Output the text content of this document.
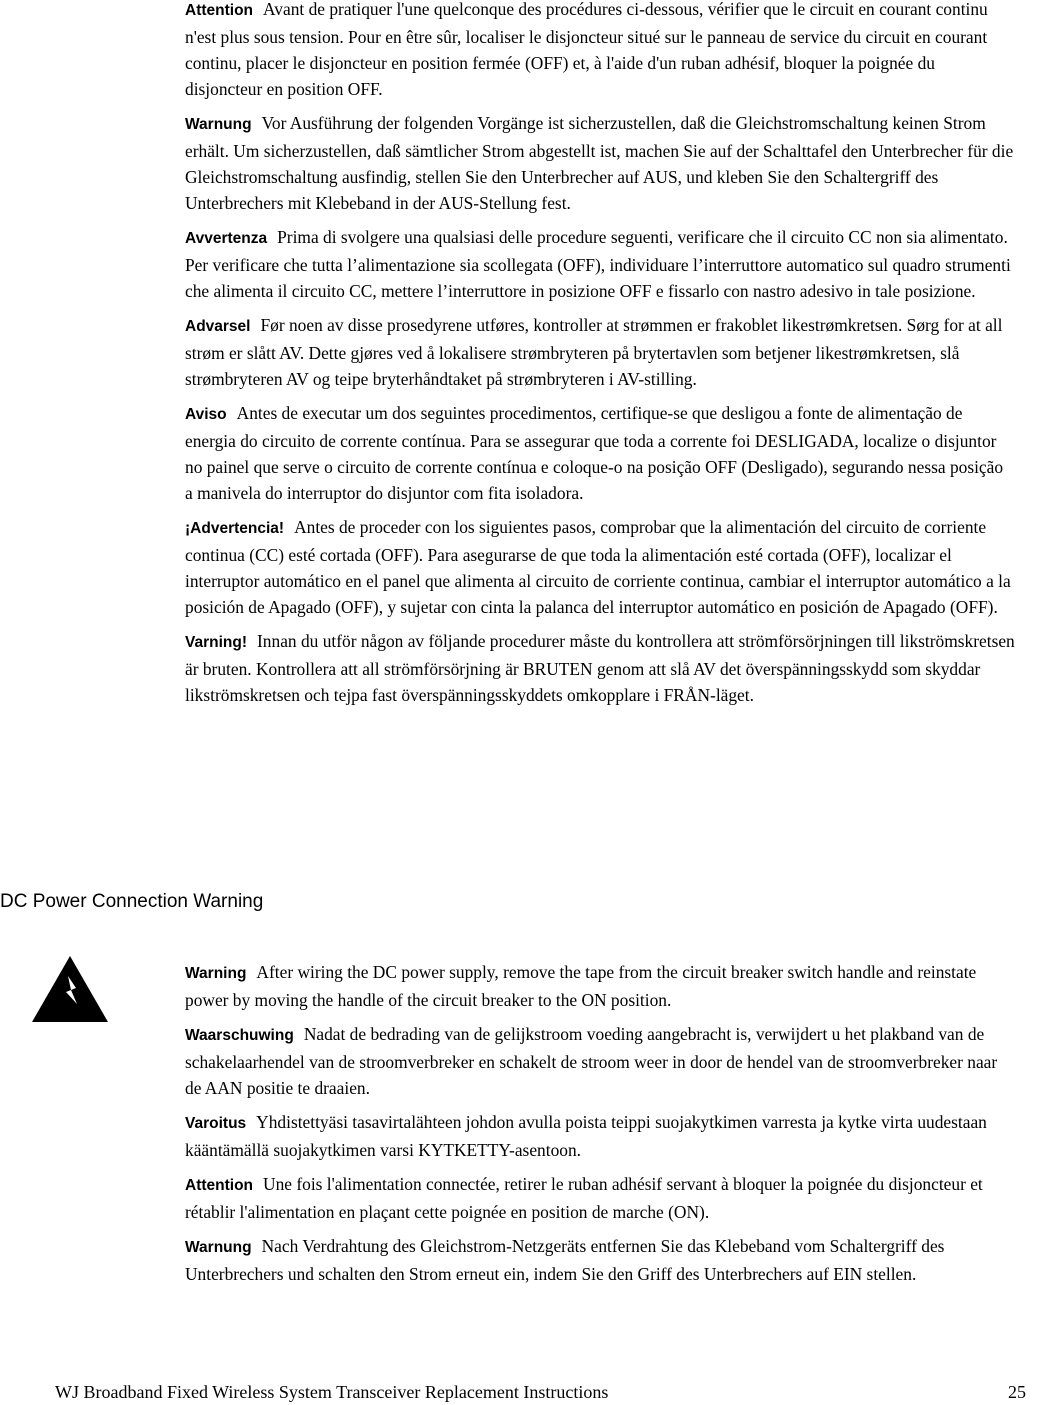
Attention Avant de pratiquer l'une quelconque des procédures ci-dessous, vérifier que le circuit en courant continu n'est plus sous tension. Pour en être sûr, localiser le disjoncteur situé sur le panneau de service du circuit en courant continu, placer le disjoncteur en position fermée (OFF) et, à l'aide d'un ruban adhésif, bloquer la poignée du disjoncteur en position OFF.

Warnung Vor Ausführung der folgenden Vorgänge ist sicherzustellen, daß die Gleichstromschaltung keinen Strom erhält. Um sicherzustellen, daß sämtlicher Strom abgestellt ist, machen Sie auf der Schalttafel den Unterbrecher für die Gleichstromschaltung ausfindig, stellen Sie den Unterbrecher auf AUS, und kleben Sie den Schaltergriff des Unterbrechers mit Klebeband in der AUS-Stellung fest.

Avvertenza Prima di svolgere una qualsiasi delle procedure seguenti, verificare che il circuito CC non sia alimentato. Per verificare che tutta l’alimentazione sia scollegata (OFF), individuare l’interruttore automatico sul quadro strumenti che alimenta il circuito CC, mettere l’interruttore in posizione OFF e fissarlo con nastro adesivo in tale posizione.

Advarsel Før noen av disse prosedyrene utføres, kontroller at strømmen er frakoblet likestrømkretsen. Sørg for at all strøm er slått AV. Dette gjøres ved å lokalisere strømbryteren på brytertavlen som betjener likestrømkretsen, slå strømbryteren AV og teipe bryterhåndtaket på strømbryteren i AV-stilling.

Aviso Antes de executar um dos seguintes procedimentos, certifique-se que desligou a fonte de alimentação de energia do circuito de corrente contínua. Para se assegurar que toda a corrente foi DESLIGADA, localize o disjuntor no painel que serve o circuito de corrente contínua e coloque-o na posição OFF (Desligado), segurando nessa posição a manivela do interruptor do disjuntor com fita isoladora.

¡Advertencia! Antes de proceder con los siguientes pasos, comprobar que la alimentación del circuito de corriente continua (CC) esté cortada (OFF). Para asegurarse de que toda la alimentación esté cortada (OFF), localizar el interruptor automático en el panel que alimenta al circuito de corriente continua, cambiar el interruptor automático a la posición de Apagado (OFF), y sujetar con cinta la palanca del interruptor automático en posición de Apagado (OFF).

Varning! Innan du utför någon av följande procedurer måste du kontrollera att strömförsörjningen till likströmskretsen är bruten. Kontrollera att all strömförsörjning är BRUTEN genom att slå AV det överspänningsskydd som skyddar likströmskretsen och tejpa fast överspänningsskyddets omkopplare i FRÅN-läget.

DC Power Connection Warning

Warning After wiring the DC power supply, remove the tape from the circuit breaker switch handle and reinstate power by moving the handle of the circuit breaker to the ON position.

Waarschuwing Nadat de bedrading van de gelijkstroom voeding aangebracht is, verwijdert u het plakband van de schakelaarhendel van de stroomverbreker en schakelt de stroom weer in door de hendel van de stroomverbreker naar de AAN positie te draaien.

Varoitus Yhdistettyäsi tasavirtalähteen johdon avulla poista teippi suojakytkimen varresta ja kytke virta uudestaan kääntämällä suojakytkimen varsi KYTKETTY-asentoon.

Attention Une fois l'alimentation connectée, retirer le ruban adhésif servant à bloquer la poignée du disjoncteur et rétablir l'alimentation en plaçant cette poignée en position de marche (ON).

Warnung Nach Verdrahtung des Gleichstrom-Netzgeräts entfernen Sie das Klebeband vom Schaltergriff des Unterbrechers und schalten den Strom erneut ein, indem Sie den Griff des Unterbrechers auf EIN stellen.

WJ Broadband Fixed Wireless System Transceiver Replacement Instructions	25
